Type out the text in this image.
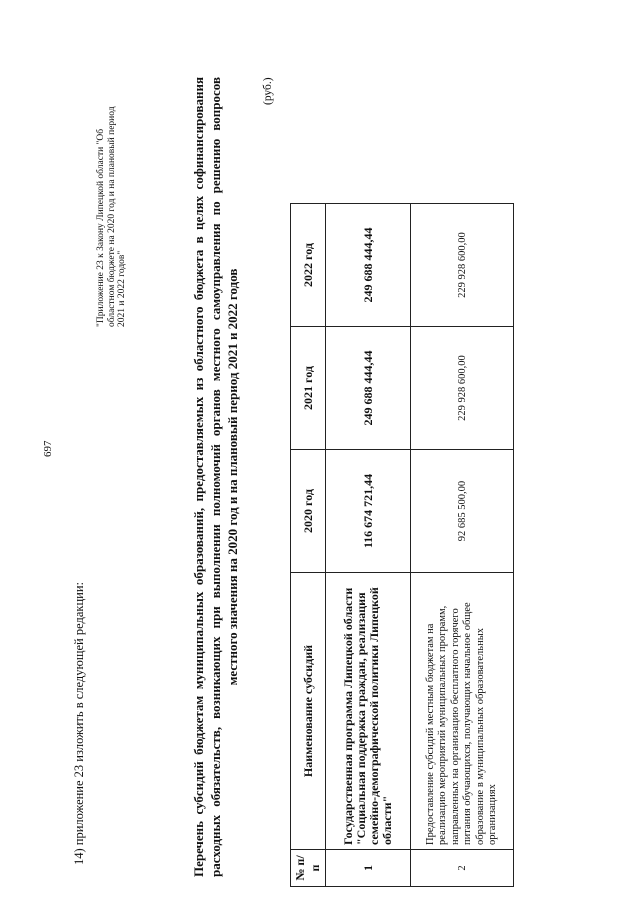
697
14) приложение 23 изложить в следующей редакции:
"Приложение 23 к Закону Липецкой области "Об областном бюджете на 2020 год и на плановый период 2021 и 2022 годов"	Перечень субсидий бюджетам муниципальных образований, предоставляемых из областного бюджета в целях софинансирования расходных обязательств, возникающих при выполнении полномочий органов местного самоуправления по решению вопросов местного значения на 2020 год и на плановый период 2021 и 2022 годов
(руб.)
№ п/п	Наименование субсидий	2020 год	2021 год	2022 год
1	Государственная программа Липецкой области "Социальная поддержка граждан, реализация семейно-демографической политики Липецкой области"	116 674 721,44	249 688 444,44	249 688 444,44
2	Предоставление субсидий местным бюджетам на реализацию мероприятий муниципальных программ, направленных на организацию бесплатного горячего питания обучающихся, получающих начальное общее образование в муниципальных образовательных организациях	92 685 500,00	229 928 600,00	229 928 600,00
